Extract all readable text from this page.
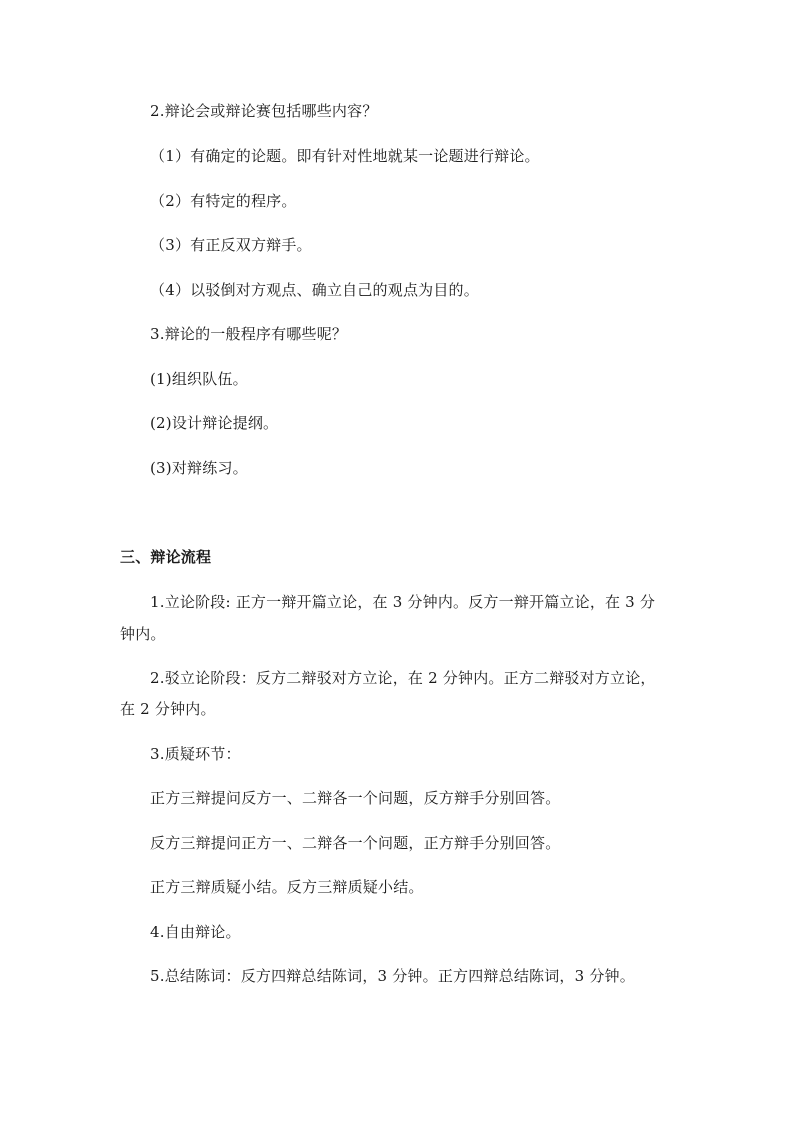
2.辩论会或辩论赛包括哪些内容？
（1）有确定的论题。即有针对性地就某一论题进行辩论。
（2）有特定的程序。
（3）有正反双方辩手。
（4）以驳倒对方观点、确立自己的观点为目的。
3.辩论的一般程序有哪些呢？
(1)组织队伍。
(2)设计辩论提纲。
(3)对辩练习。
三、辩论流程
1.立论阶段: 正方一辩开篇立论，在 3 分钟内。反方一辩开篇立论，在 3 分
钟内。
2.驳立论阶段：反方二辩驳对方立论，在 2 分钟内。正方二辩驳对方立论，
在 2 分钟内。
3.质疑环节：
正方三辩提问反方一、二辩各一个问题，反方辩手分别回答。
反方三辩提问正方一、二辩各一个问题，正方辩手分别回答。
正方三辩质疑小结。反方三辩质疑小结。
4.自由辩论。
5.总结陈词：反方四辩总结陈词，3 分钟。正方四辩总结陈词，3 分钟。
